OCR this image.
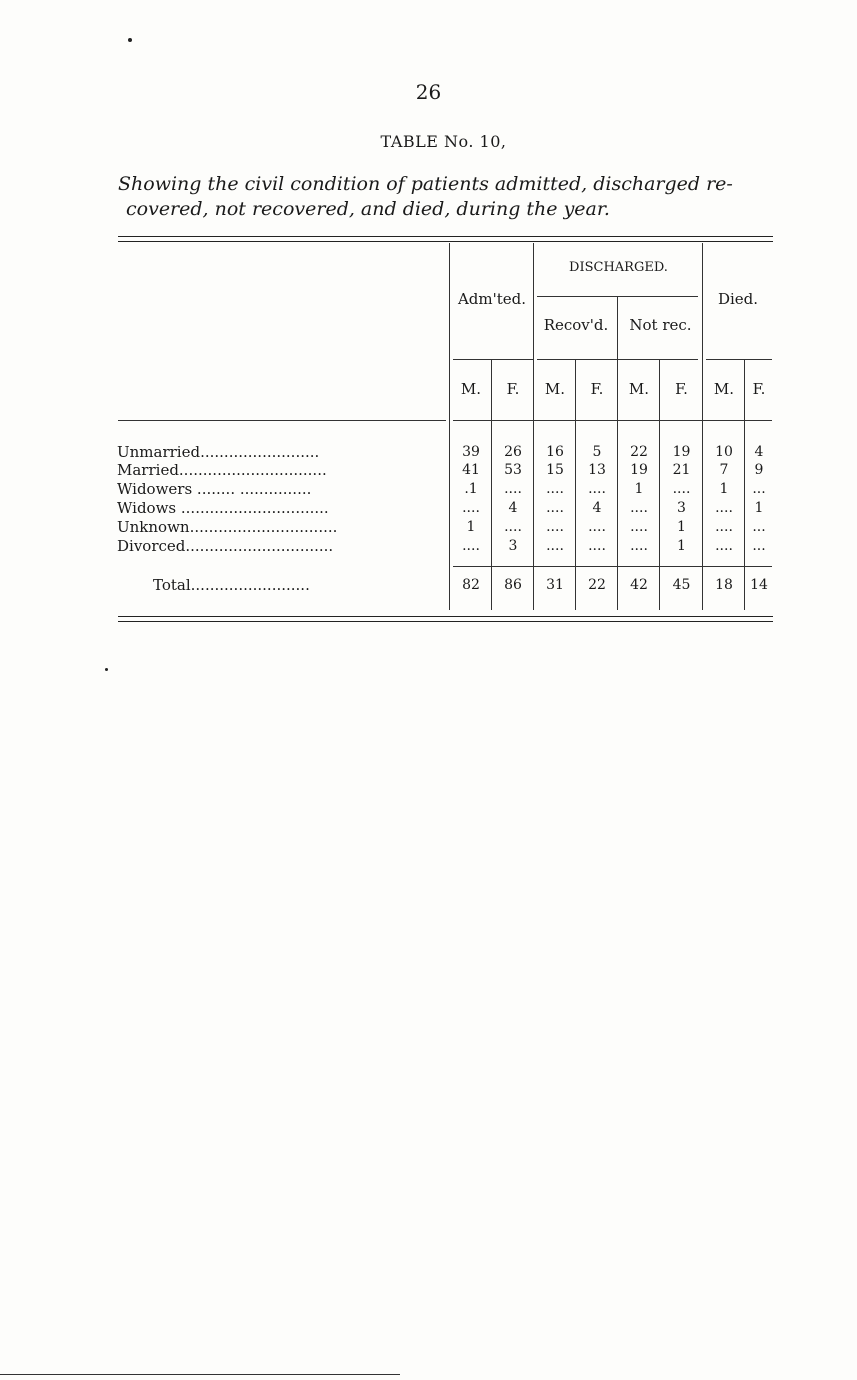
26
TABLE No. 10,
Showing the civil condition of patients admitted, discharged re-
covered, not recovered, and died, during the year.
Adm'ted.
DISCHARGED.
Recov'd.	Not rec.
Died.
M.	F.	M.	F.	M.	F.	M.	F.
Unmarried.........................	39	26	16	5	22	19	10	4
Married...............................	41	53	15	13	19	21	7	9
Widowers ........ ...............	.1	....	....	....	1	....	1	...
Widows ...............................	....	4	....	4	....	3	....	1
Unknown...............................	1	....	....	....	....	1	....	...
Divorced...............................	....	3	....	....	....	1	....	...
Total.........................	82	86	31	22	42	45	18	14
